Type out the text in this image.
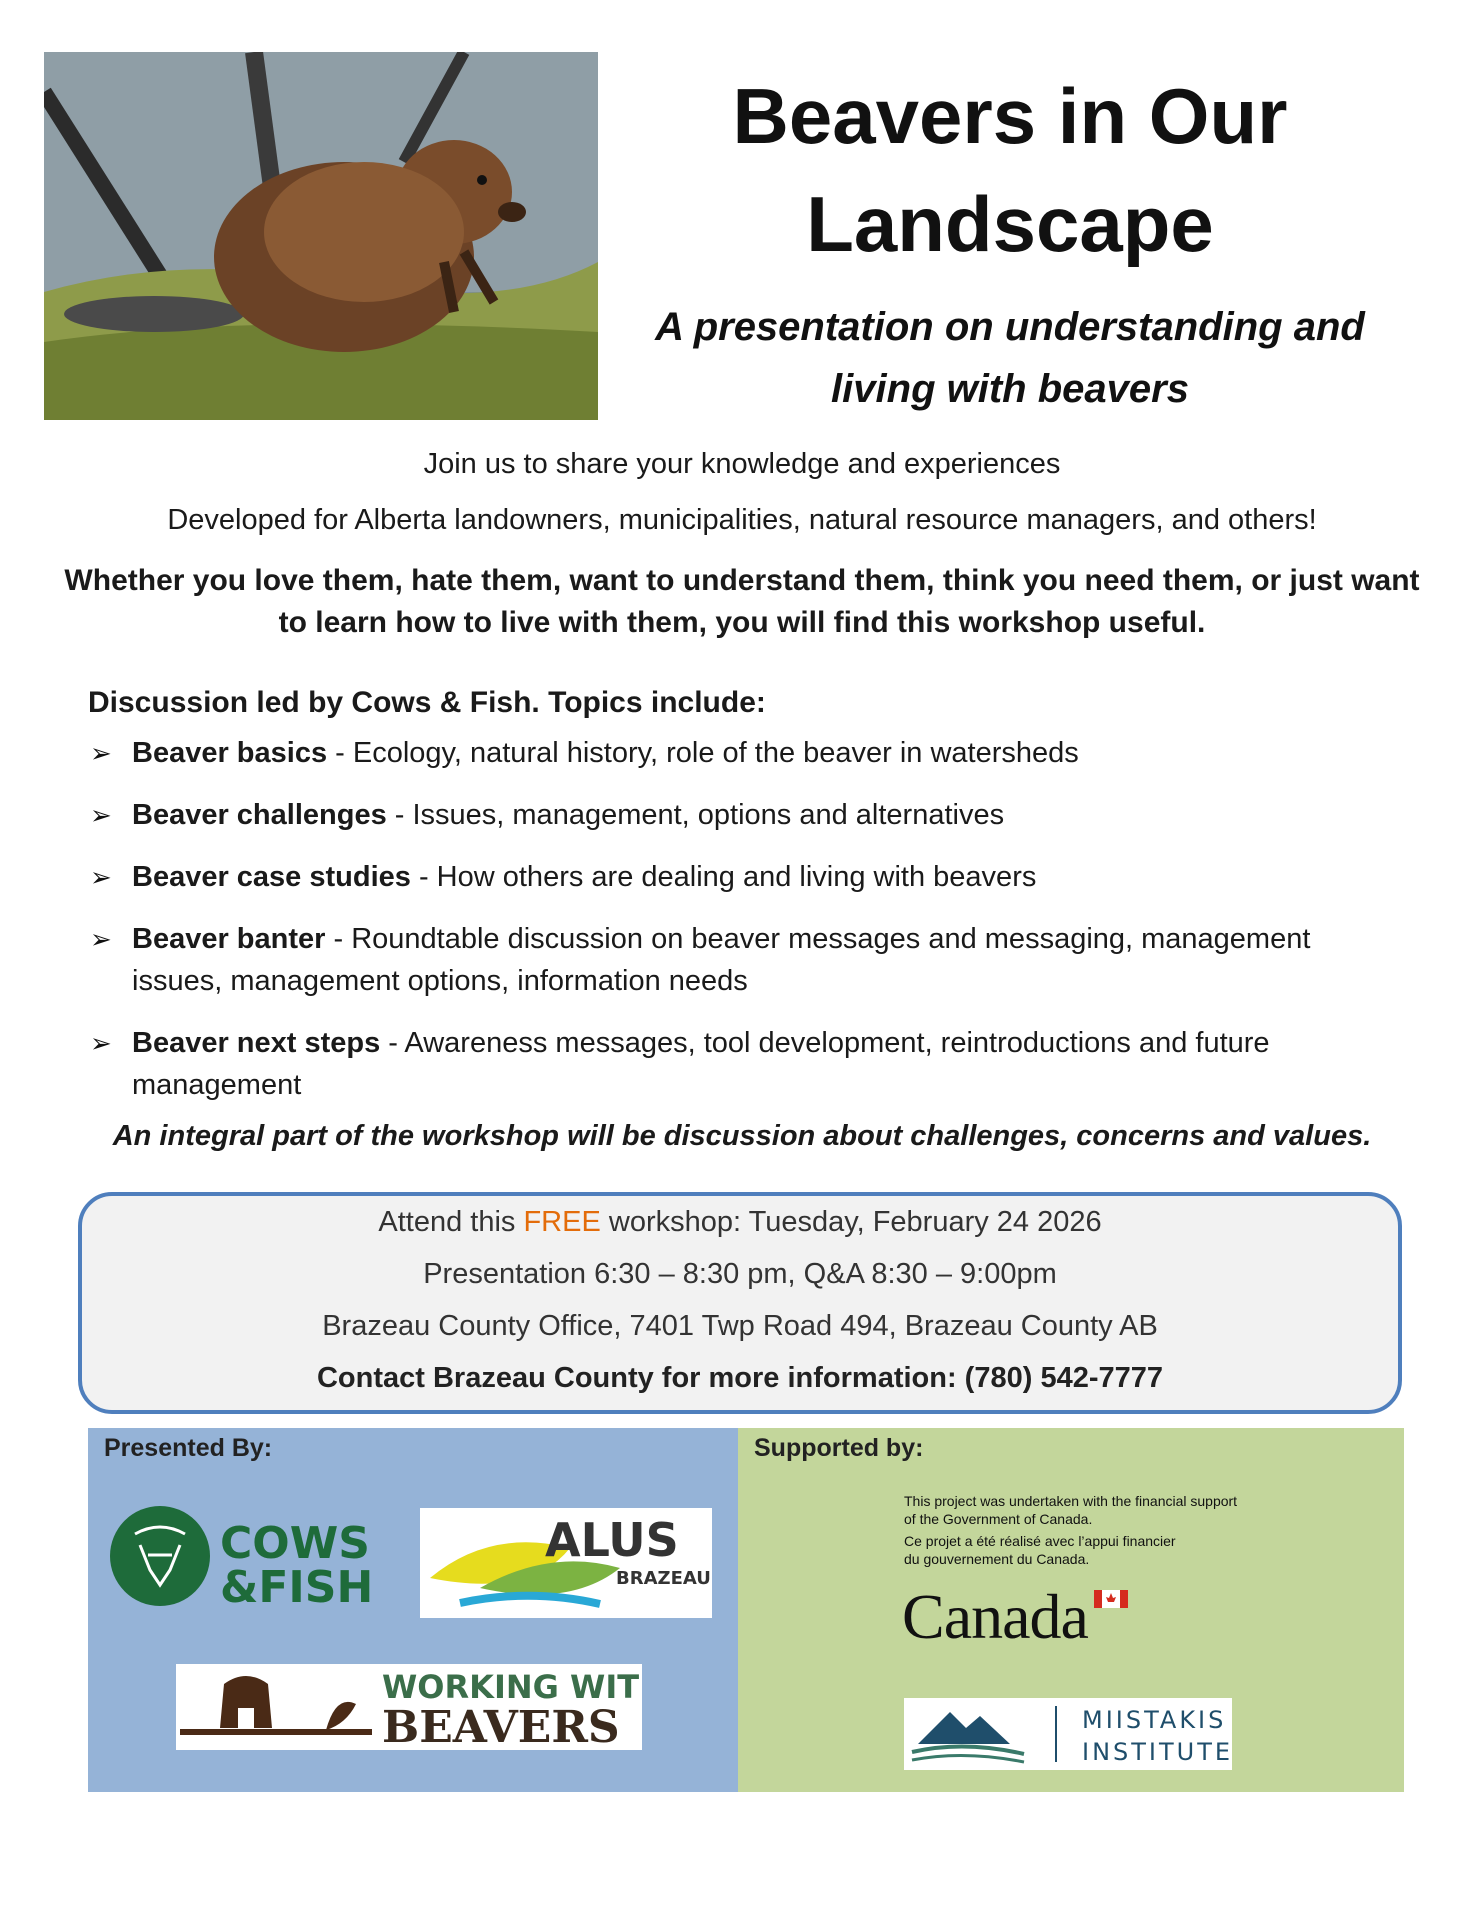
Beavers in Our Landscape
A presentation on understanding and living with beavers
Join us to share your knowledge and experiences
Developed for Alberta landowners, municipalities, natural resource managers, and others!
Whether you love them, hate them, want to understand them, think you need them, or just want to learn how to live with them, you will find this workshop useful.
Discussion led by Cows & Fish. Topics include:
➢ Beaver basics - Ecology, natural history, role of the beaver in watersheds
➢ Beaver challenges - Issues, management, options and alternatives
➢ Beaver case studies - How others are dealing and living with beavers
➢ Beaver banter - Roundtable discussion on beaver messages and messaging, management issues, management options, information needs
➢ Beaver next steps - Awareness messages, tool development, reintroductions and future management
An integral part of the workshop will be discussion about challenges, concerns and values.
Attend this FREE workshop: Tuesday, February 24 2026
Presentation 6:30 – 8:30 pm, Q&A 8:30 – 9:00pm
Brazeau County Office, 7401 Twp Road 494, Brazeau County AB
Contact Brazeau County for more information: (780) 542-7777
Presented By:
COWS
&FISH
ALUS
BRAZEAU
WORKING WITH
BEAVERS
Supported by:
This project was undertaken with the financial support
of the Government of Canada.
Ce projet a été réalisé avec l’appui financier
du gouvernement du Canada.
Canada
MIISTAKIS
INSTITUTE
